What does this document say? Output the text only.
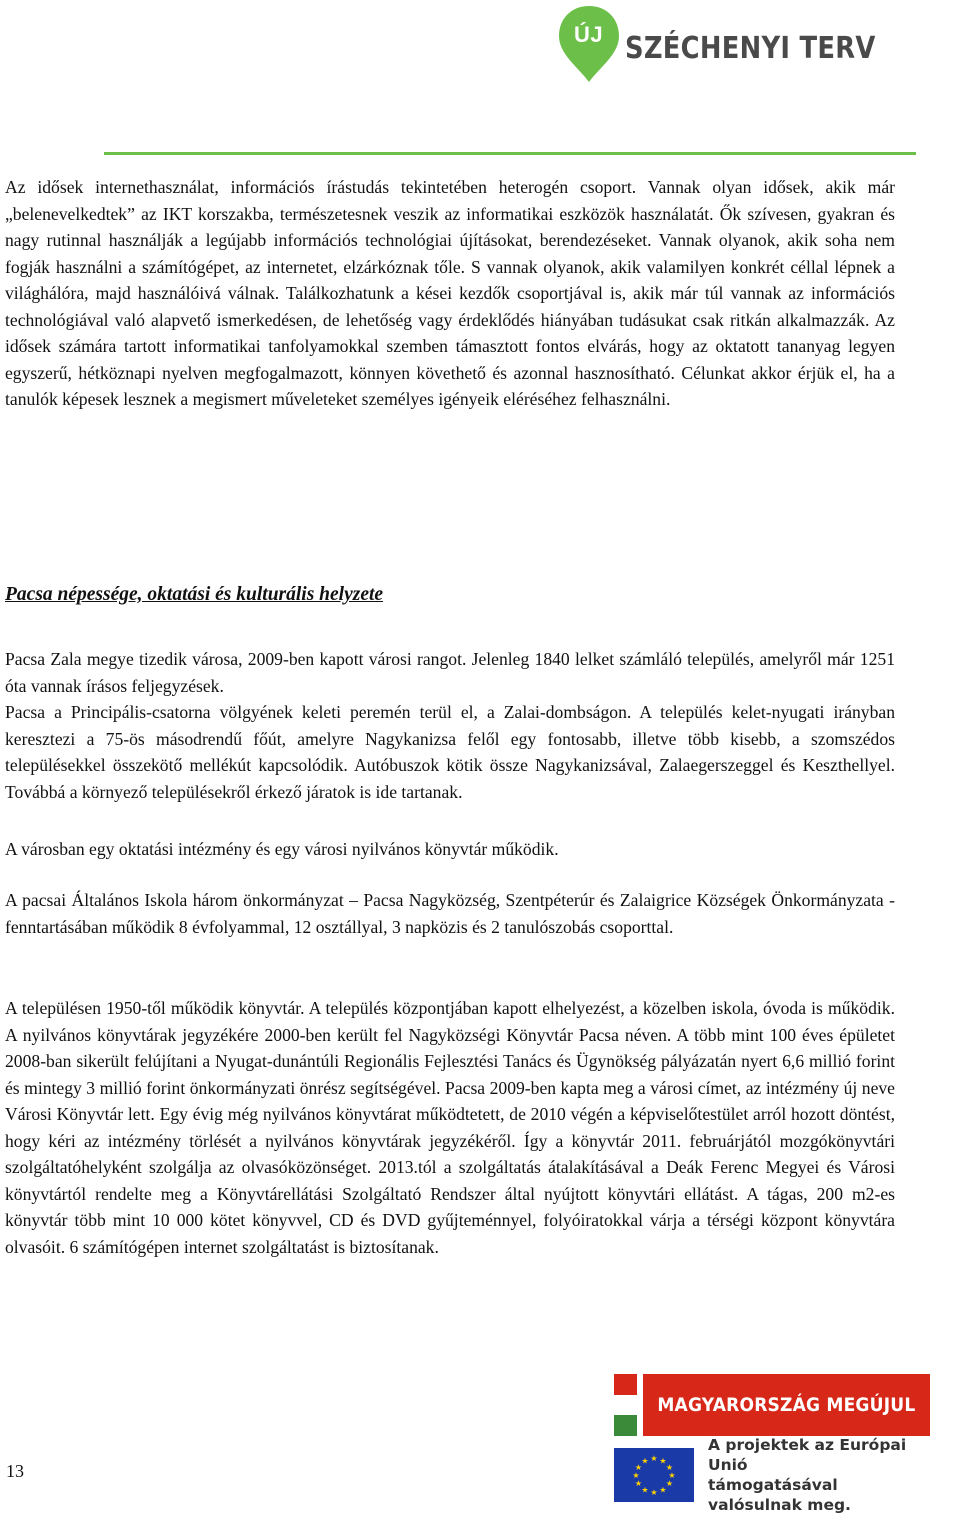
ÚJ SZÉCHENYI TERV

Az idősek internethasználat, információs írástudás tekintetében heterogén csoport. Vannak olyan idősek, akik már „belenevelkedtek” az IKT korszakba, természetesnek veszik az informatikai eszközök használatát. Ők szívesen, gyakran és nagy rutinnal használják a legújabb információs technológiai újításokat, berendezéseket. Vannak olyanok, akik soha nem fogják használni a számítógépet, az internetet, elzárkóznak tőle. S vannak olyanok, akik valamilyen konkrét céllal lépnek a világhálóra, majd használóivá válnak. Találkozhatunk a kései kezdők csoportjával is, akik már túl vannak az információs technológiával való alapvető ismerkedésen, de lehetőség vagy érdeklődés hiányában tudásukat csak ritkán alkalmazzák. Az idősek számára tartott informatikai tanfolyamokkal szemben támasztott fontos elvárás, hogy az oktatott tananyag legyen egyszerű, hétköznapi nyelven megfogalmazott, könnyen követhető és azonnal hasznosítható. Célunkat akkor érjük el, ha a tanulók képesek lesznek a megismert műveleteket személyes igényeik eléréséhez felhasználni.

Pacsa népessége, oktatási és kulturális helyzete

Pacsa Zala megye tizedik városa, 2009-ben kapott városi rangot. Jelenleg 1840 lelket számláló település, amelyről már 1251 óta vannak írásos feljegyzések.

Pacsa a Principális-csatorna völgyének keleti peremén terül el, a Zalai-dombságon. A település kelet-nyugati irányban keresztezi a 75-ös másodrendű főút, amelyre Nagykanizsa felől egy fontosabb, illetve több kisebb, a szomszédos településekkel összekötő mellékút kapcsolódik. Autóbuszok kötik össze Nagykanizsával, Zalaegerszeggel és Keszthellyel. Továbbá a környező településekről érkező járatok is ide tartanak.

A városban egy oktatási intézmény és egy városi nyilvános könyvtár működik.

A pacsai Általános Iskola három önkormányzat – Pacsa Nagyközség, Szentpéterúr és Zalaigrice Községek Önkormányzata - fenntartásában működik 8 évfolyammal, 12 osztállyal, 3 napközis és 2 tanulószobás csoporttal.

A településen 1950-től működik könyvtár. A település központjában kapott elhelyezést, a közelben iskola, óvoda is működik. A nyilvános könyvtárak jegyzékére 2000-ben került fel Nagyközségi Könyvtár Pacsa néven. A több mint 100 éves épületet 2008-ban sikerült felújítani a Nyugat-dunántúli Regionális Fejlesztési Tanács és Ügynökség pályázatán nyert 6,6 millió forint és mintegy 3 millió forint önkormányzati önrész segítségével. Pacsa 2009-ben kapta meg a városi címet, az intézmény új neve Városi Könyvtár lett. Egy évig még nyilvános könyvtárat működtetett, de 2010 végén a képviselőtestület arról hozott döntést, hogy kéri az intézmény törlését a nyilvános könyvtárak jegyzékéről. Így a könyvtár 2011. februárjától mozgókönyvtári szolgáltatóhelyként szolgálja az olvasóközönséget. 2013.tól a szolgáltatás átalakításával a Deák Ferenc Megyei és Városi könyvtártól rendelte meg a Könyvtárellátási Szolgáltató Rendszer által nyújtott könyvtári ellátást. A tágas, 200 m2-es könyvtár több mint 10 000 kötet könyvvel, CD és DVD gyűjteménnyel, folyóiratokkal várja a térségi központ könyvtára olvasóit. 6 számítógépen internet szolgáltatást is biztosítanak.

13
MAGYARORSZÁG MEGÚJUL
★ ★
★
★
★
★
★
★
★
★
★
★
A projektek az Európai Unió
támogatásával valósulnak meg.
